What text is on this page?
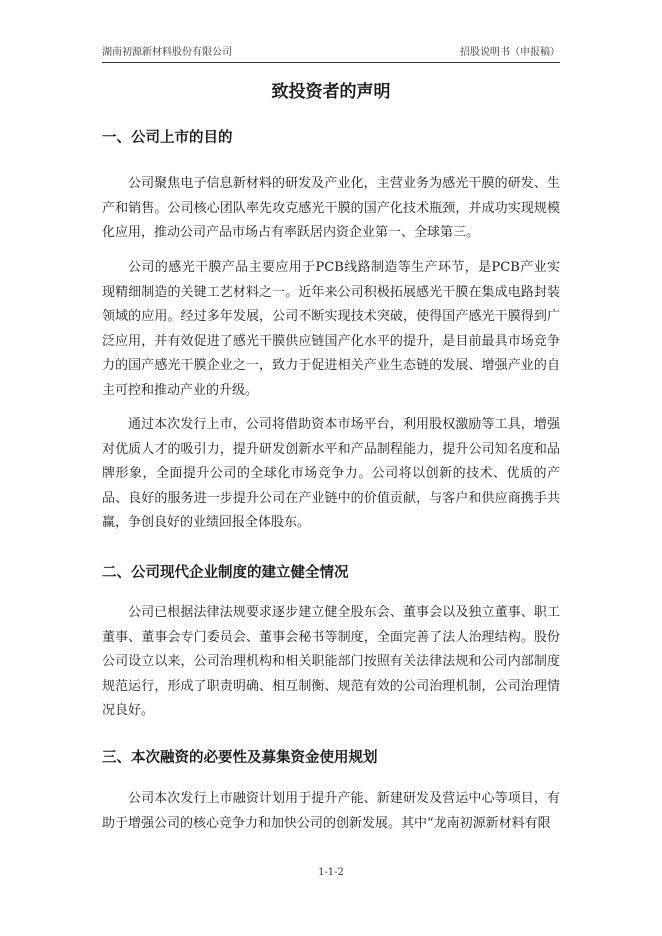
湖南初源新材料股份有限公司	招股说明书（申报稿）
致投资者的声明
一、公司上市的目的

公司聚焦电子信息新材料的研发及产业化，主营业务为感光干膜的研发、生产和销售。公司核心团队率先攻克感光干膜的国产化技术瓶颈，并成功实现规模化应用，推动公司产品市场占有率跃居内资企业第一、全球第三。

公司的感光干膜产品主要应用于PCB线路制造等生产环节，是PCB产业实现精细制造的关键工艺材料之一。近年来公司积极拓展感光干膜在集成电路封装领域的应用。经过多年发展，公司不断实现技术突破，使得国产感光干膜得到广泛应用，并有效促进了感光干膜供应链国产化水平的提升，是目前最具市场竞争力的国产感光干膜企业之一，致力于促进相关产业生态链的发展、增强产业的自主可控和推动产业的升级。

通过本次发行上市，公司将借助资本市场平台，利用股权激励等工具，增强对优质人才的吸引力，提升研发创新水平和产品制程能力，提升公司知名度和品牌形象，全面提升公司的全球化市场竞争力。公司将以创新的技术、优质的产品、良好的服务进一步提升公司在产业链中的价值贡献，与客户和供应商携手共赢，争创良好的业绩回报全体股东。

二、公司现代企业制度的建立健全情况

公司已根据法律法规要求逐步建立健全股东会、董事会以及独立董事、职工董事、董事会专门委员会、董事会秘书等制度，全面完善了法人治理结构。股份公司设立以来，公司治理机构和相关职能部门按照有关法律法规和公司内部制度规范运行，形成了职责明确、相互制衡、规范有效的公司治理机制，公司治理情况良好。

三、本次融资的必要性及募集资金使用规划

公司本次发行上市融资计划用于提升产能、新建研发及营运中心等项目，有助于增强公司的核心竞争力和加快公司的创新发展。其中“龙南初源新材料有限

1-1-2
